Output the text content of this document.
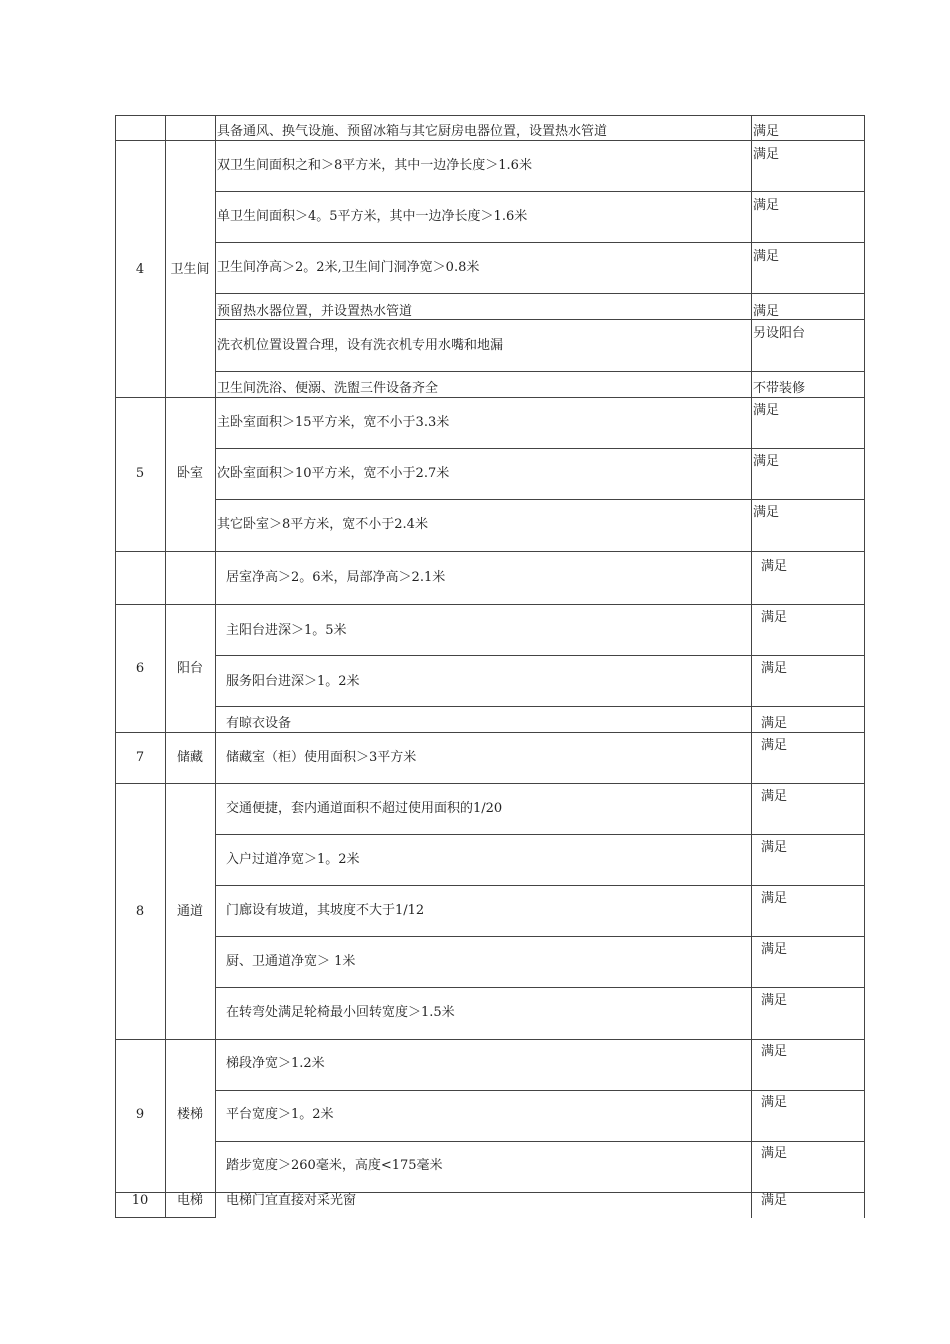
4
5
6
7
8
9
10
卫生间
卧室
阳台
储藏
通道
楼梯
电梯
具备通风、换气设施、预留冰箱与其它厨房电器位置，设置热水管道
双卫生间面积之和＞8平方米，其中一边净长度＞1.6米
单卫生间面积＞4。5平方米，其中一边净长度＞1.6米
卫生间净高＞2。2米,卫生间门洞净宽＞0.8米
预留热水器位置，并设置热水管道
洗衣机位置设置合理，设有洗衣机专用水嘴和地漏
卫生间洗浴、便溺、洗盥三件设备齐全
主卧室面积＞15平方米，宽不小于3.3米
次卧室面积＞10平方米，宽不小于2.7米
其它卧室＞8平方米，宽不小于2.4米
居室净高＞2。6米，局部净高＞2.1米
主阳台进深＞1。5米
服务阳台进深＞1。2米
有晾衣设备
储藏室（柜）使用面积＞3平方米
交通便捷，套内通道面积不超过使用面积的1/20
入户过道净宽＞1。2米
门廊设有坡道，其坡度不大于1/12
厨、卫通道净宽＞ 1米
在转弯处满足轮椅最小回转宽度＞1.5米
梯段净宽＞1.2米
平台宽度＞1。2米
踏步宽度＞260毫米，高度<175毫米
电梯门宜直接对采光窗
满足
满足
满足
满足
满足
另设阳台
不带装修
满足
满足
满足
满足
满足
满足
满足
满足
满足
满足
满足
满足
满足
满足
满足
满足
满足
